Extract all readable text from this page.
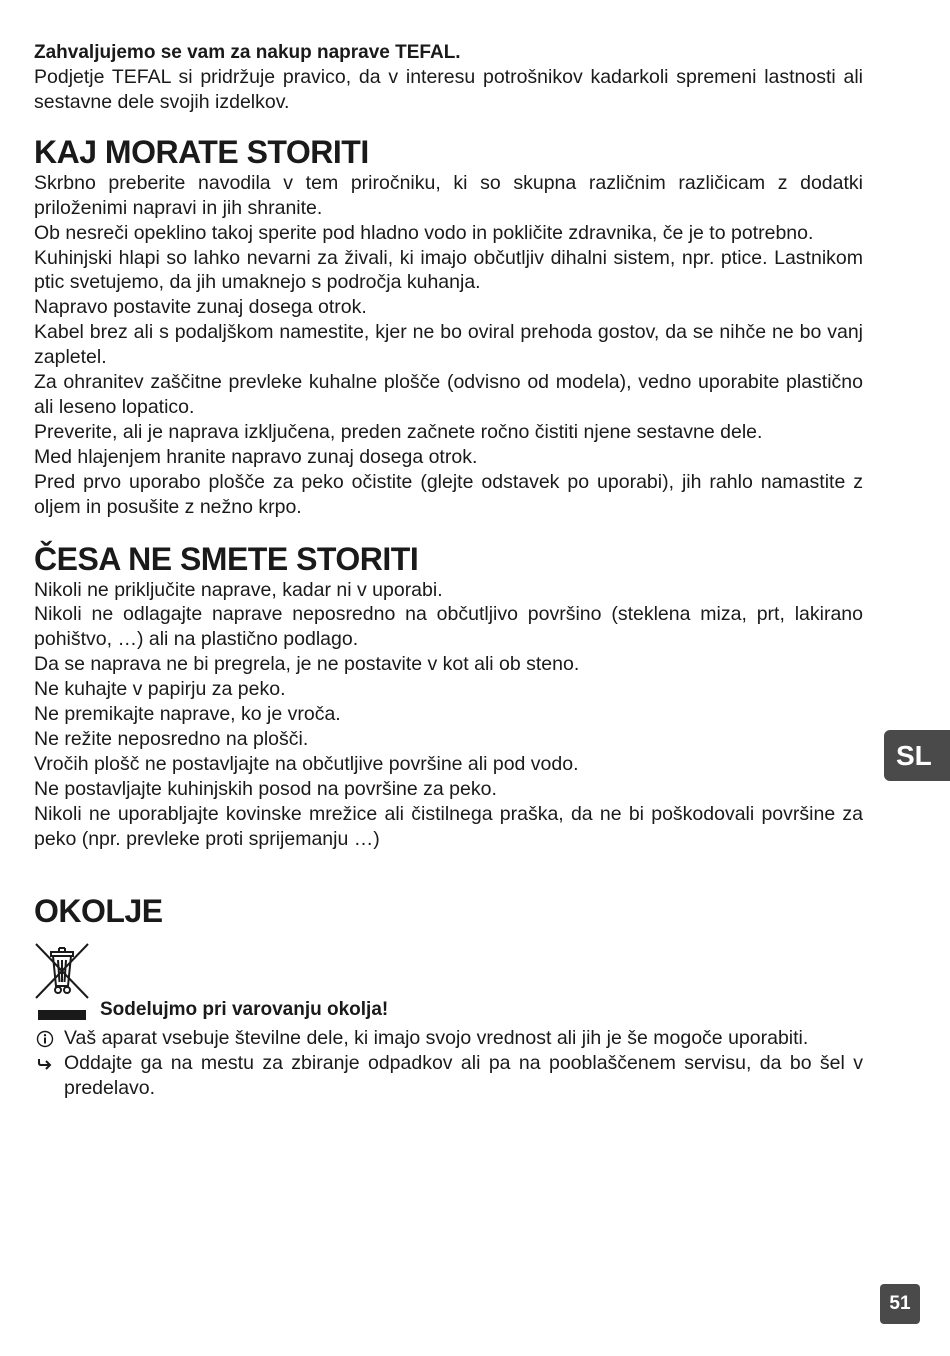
Zahvaljujemo se vam za nakup naprave TEFAL.

Podjetje TEFAL si pridržuje pravico, da v interesu potrošnikov kadarkoli spremeni lastnosti ali sestavne dele svojih izdelkov.

KAJ MORATE STORITI

Skrbno preberite navodila v tem priročniku, ki so skupna različnim različicam z dodatki priloženimi napravi in jih shranite.

Ob nesreči opeklino takoj sperite pod hladno vodo in pokličite zdravnika, če je to potrebno.

Kuhinjski hlapi so lahko nevarni za živali, ki imajo občutljiv dihalni sistem, npr. ptice. Lastnikom ptic svetujemo, da jih umaknejo s področja kuhanja.

Napravo postavite zunaj dosega otrok.

Kabel brez ali s podaljškom namestite, kjer ne bo oviral prehoda gostov, da se nihče ne bo vanj zapletel.

Za ohranitev zaščitne prevleke kuhalne plošče (odvisno od modela), vedno uporabite plastično ali leseno lopatico.

Preverite, ali je naprava izključena, preden začnete ročno čistiti njene sestavne dele.

Med hlajenjem hranite napravo zunaj dosega otrok.

Pred prvo uporabo plošče za peko očistite (glejte odstavek po uporabi), jih rahlo namastite z oljem in posušite z nežno krpo.

ČESA NE SMETE STORITI

Nikoli ne priključite naprave, kadar ni v uporabi.

Nikoli ne odlagajte naprave neposredno na občutljivo površino (steklena miza, prt, lakirano pohištvo, …) ali na plastično podlago.

Da se naprava ne bi pregrela, je ne postavite v kot ali ob steno.

Ne kuhajte v papirju za peko.

Ne premikajte naprave, ko je vroča.

Ne režite neposredno na plošči.

Vročih plošč ne postavljajte na občutljive površine ali pod vodo.

Ne postavljajte kuhinjskih posod na površine za peko.

Nikoli ne uporabljajte kovinske mrežice ali čistilnega praška, da ne bi poškodovali površine za peko (npr. prevleke proti sprijemanju …)

OKOLJE
Sodelujmo pri varovanju okolja!
Vaš aparat vsebuje številne dele, ki imajo svojo vrednost ali jih je še mogoče uporabiti.
Oddajte ga na mestu za zbiranje odpadkov ali pa na pooblaščenem servisu, da bo šel v predelavo.
SL
51
